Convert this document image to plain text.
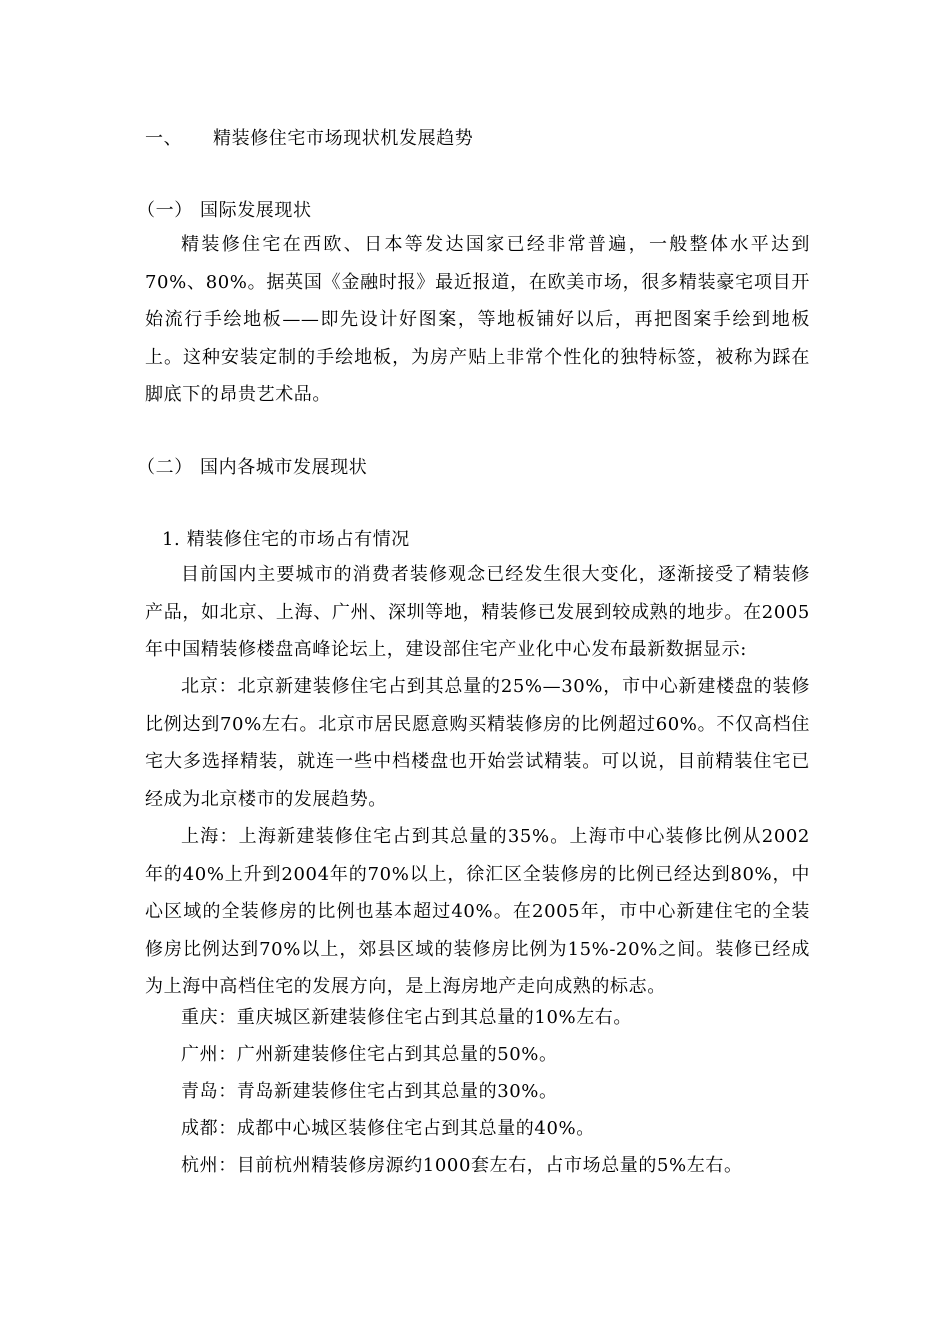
一、 精装修住宅市场现状机发展趋势
（一） 国际发展现状

精装修住宅在西欧、日本等发达国家已经非常普遍，一般整体水平达到70%、80%。据英国《金融时报》最近报道，在欧美市场，很多精装豪宅项目开始流行手绘地板——即先设计好图案，等地板铺好以后，再把图案手绘到地板上。这种安装定制的手绘地板，为房产贴上非常个性化的独特标签，被称为踩在脚底下的昂贵艺术品。

（二） 国内各城市发展现状
1. 精装修住宅的市场占有情况

目前国内主要城市的消费者装修观念已经发生很大变化，逐渐接受了精装修产品，如北京、上海、广州、深圳等地，精装修已发展到较成熟的地步。在2005年中国精装修楼盘高峰论坛上，建设部住宅产业化中心发布最新数据显示:

北京：北京新建装修住宅占到其总量的25%—30%，市中心新建楼盘的装修比例达到70%左右。北京市居民愿意购买精装修房的比例超过60%。不仅高档住宅大多选择精装，就连一些中档楼盘也开始尝试精装。可以说，目前精装住宅已经成为北京楼市的发展趋势。

上海：上海新建装修住宅占到其总量的35%。上海市中心装修比例从2002年的40%上升到2004年的70%以上，徐汇区全装修房的比例已经达到80%，中心区域的全装修房的比例也基本超过40%。在2005年，市中心新建住宅的全装修房比例达到70%以上，郊县区域的装修房比例为15%-20%之间。装修已经成为上海中高档住宅的发展方向，是上海房地产走向成熟的标志。

重庆：重庆城区新建装修住宅占到其总量的10%左右。
广州：广州新建装修住宅占到其总量的50%。
青岛：青岛新建装修住宅占到其总量的30%。
成都：成都中心城区装修住宅占到其总量的40%。
杭州：目前杭州精装修房源约1000套左右，占市场总量的5%左右。
